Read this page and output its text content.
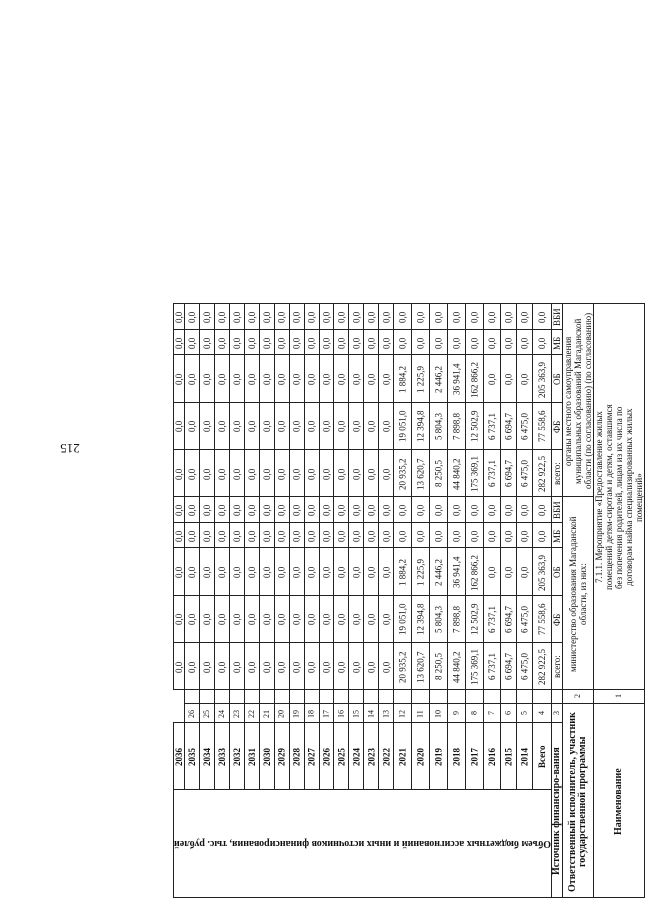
215
Наименование	Ответственный исполнитель, участник государственной программы	Источник финансиро-вания	Объем бюджетных ассигнований и иных источников финансирования, тыс. рублей																							
			Всего	2014	2015	2016	2017	2018	2019	2020	2021	2022	2023	2024	2025	2026	2027	2028	2029	2030	2031	2032	2033	2034	2035	2036
		3	4	5	6	7	8	9	10	11	12	13	14	15	16	17	18	19	20	21	22	23	24	25	26	
1	2																									
7.1.1. Мероприятие «Предоставление жилых помещений детям-сиротам и детям, оставшимся без попечения родителей, лицам из их числа по договорам найма специализированных жилых помещений»	министерство образования Магаданской области, из них:	всего:	282 922,5	6 475,0	6 694,7	6 737,1	175 369,1	44 840,2	8 250,5	13 620,7	20 935,2	0,0	0,0	0,0	0,0	0,0	0,0	0,0	0,0	0,0	0,0	0,0	0,0	0,0	0,0	0,0
		ФБ	77 558,6	6 475,0	6 694,7	6 737,1	12 502,9	7 898,8	5 804,3	12 394,8	19 051,0	0,0	0,0	0,0	0,0	0,0	0,0	0,0	0,0	0,0	0,0	0,0	0,0	0,0	0,0	0,0
		ОБ	205 363,9	0,0	0,0	0,0	162 866,2	36 941,4	2 446,2	1 225,9	1 884,2	0,0	0,0	0,0	0,0	0,0	0,0	0,0	0,0	0,0	0,0	0,0	0,0	0,0	0,0	0,0
		МБ	0,0	0,0	0,0	0,0	0,0	0,0	0,0	0,0	0,0	0,0	0,0	0,0	0,0	0,0	0,0	0,0	0,0	0,0	0,0	0,0	0,0	0,0	0,0	0,0
		ВБИ	0,0	0,0	0,0	0,0	0,0	0,0	0,0	0,0	0,0	0,0	0,0	0,0	0,0	0,0	0,0	0,0	0,0	0,0	0,0	0,0	0,0	0,0	0,0	0,0
	органы местного самоуправления муниципальных образований Магаданской области (по согласованию) (по согласованию)	всего:	282 922,5	6 475,0	6 694,7	6 737,1	175 369,1	44 840,2	8 250,5	13 620,7	20 935,2	0,0	0,0	0,0	0,0	0,0	0,0	0,0	0,0	0,0	0,0	0,0	0,0	0,0	0,0	0,0
		ФБ	77 558,6	6 475,0	6 694,7	6 737,1	12 502,9	7 898,8	5 804,3	12 394,8	19 051,0	0,0	0,0	0,0	0,0	0,0	0,0	0,0	0,0	0,0	0,0	0,0	0,0	0,0	0,0	0,0
		ОБ	205 363,9	0,0	0,0	0,0	162 866,2	36 941,4	2 446,2	1 225,9	1 884,2	0,0	0,0	0,0	0,0	0,0	0,0	0,0	0,0	0,0	0,0	0,0	0,0	0,0	0,0	0,0
		МБ	0,0	0,0	0,0	0,0	0,0	0,0	0,0	0,0	0,0	0,0	0,0	0,0	0,0	0,0	0,0	0,0	0,0	0,0	0,0	0,0	0,0	0,0	0,0	0,0
		ВБИ	0,0	0,0	0,0	0,0	0,0	0,0	0,0	0,0	0,0	0,0	0,0	0,0	0,0	0,0	0,0	0,0	0,0	0,0	0,0	0,0	0,0	0,0	0,0	0,0
